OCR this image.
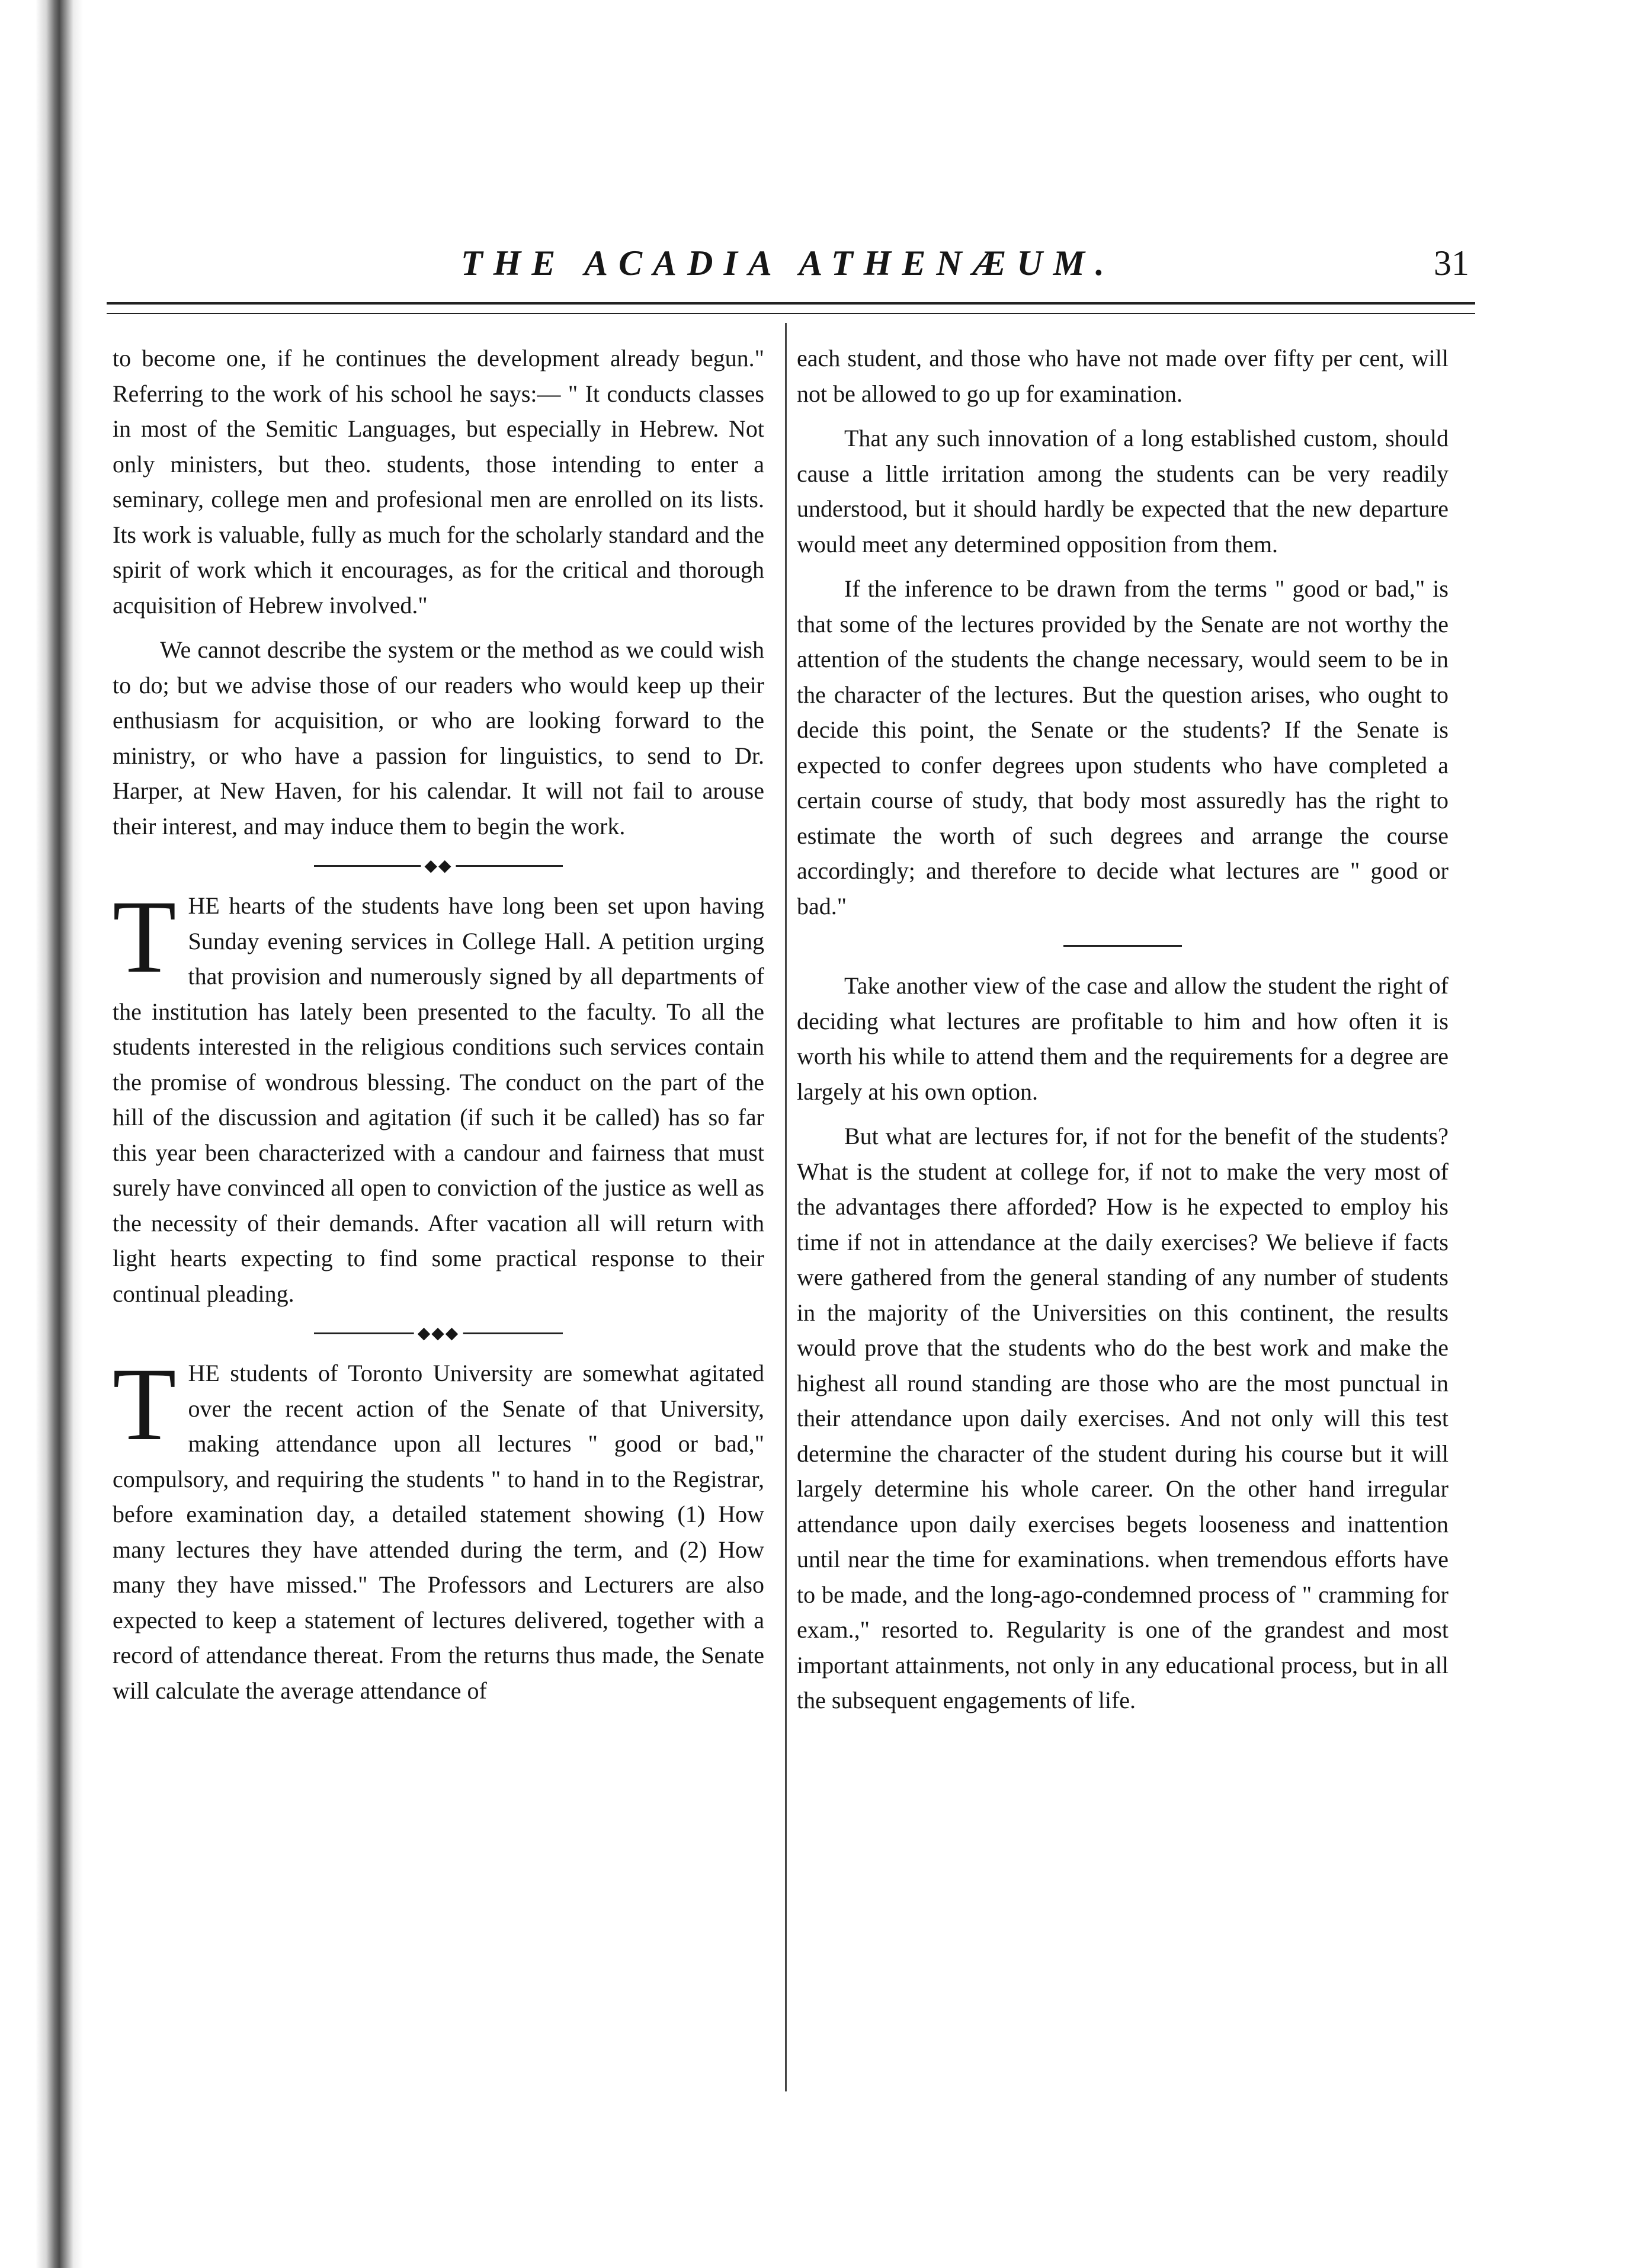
THE ACADIA ATHENÆUM.	31

to become one, if he continues the development already begun." Referring to the work of his school he says:— " It conducts classes in most of the Semitic Languages, but especially in Hebrew. Not only ministers, but theo. students, those intending to enter a seminary, college men and profesional men are enrolled on its lists. Its work is valuable, fully as much for the scholarly standard and the spirit of work which it encourages, as for the critical and thorough acquisition of Hebrew involved."

We cannot describe the system or the method as we could wish to do; but we advise those of our readers who would keep up their enthusiasm for acquisition, or who are looking forward to the ministry, or who have a passion for linguistics, to send to Dr. Harper, at New Haven, for his calendar. It will not fail to arouse their interest, and may induce them to begin the work.

◆◆

THE hearts of the students have long been set upon having Sunday evening services in College Hall. A petition urging that provision and numerously signed by all departments of the institution has lately been presented to the faculty. To all the students interested in the religious conditions such services contain the promise of wondrous blessing. The conduct on the part of the hill of the discussion and agitation (if such it be called) has so far this year been characterized with a candour and fairness that must surely have convinced all open to conviction of the justice as well as the necessity of their demands. After vacation all will return with light hearts expecting to find some practical response to their continual pleading.

◆◆◆

THE students of Toronto University are somewhat agitated over the recent action of the Senate of that University, making attendance upon all lectures " good or bad," compulsory, and requiring the students " to hand in to the Registrar, before examination day, a detailed statement showing (1) How many lectures they have attended during the term, and (2) How many they have missed." The Professors and Lecturers are also expected to keep a statement of lectures delivered, together with a record of attendance thereat. From the returns thus made, the Senate will calculate the average attendance of

each student, and those who have not made over fifty per cent, will not be allowed to go up for examination.

That any such innovation of a long established custom, should cause a little irritation among the students can be very readily understood, but it should hardly be expected that the new departure would meet any determined opposition from them.

If the inference to be drawn from the terms " good or bad," is that some of the lectures provided by the Senate are not worthy the attention of the students the change necessary, would seem to be in the character of the lectures. But the question arises, who ought to decide this point, the Senate or the students? If the Senate is expected to confer degrees upon students who have completed a certain course of study, that body most assuredly has the right to estimate the worth of such degrees and arrange the course accordingly; and therefore to decide what lectures are " good or bad."

Take another view of the case and allow the student the right of deciding what lectures are profitable to him and how often it is worth his while to attend them and the requirements for a degree are largely at his own option.

But what are lectures for, if not for the benefit of the students? What is the student at college for, if not to make the very most of the advantages there afforded? How is he expected to employ his time if not in attendance at the daily exercises? We believe if facts were gathered from the general standing of any number of students in the majority of the Universities on this continent, the results would prove that the students who do the best work and make the highest all round standing are those who are the most punctual in their attendance upon daily exercises. And not only will this test determine the character of the student during his course but it will largely determine his whole career. On the other hand irregular attendance upon daily exercises begets looseness and inattention until near the time for examinations. when tremendous efforts have to be made, and the long-ago-condemned process of " cramming for exam.," resorted to. Regularity is one of the grandest and most important attainments, not only in any educational process, but in all the subsequent engagements of life.
